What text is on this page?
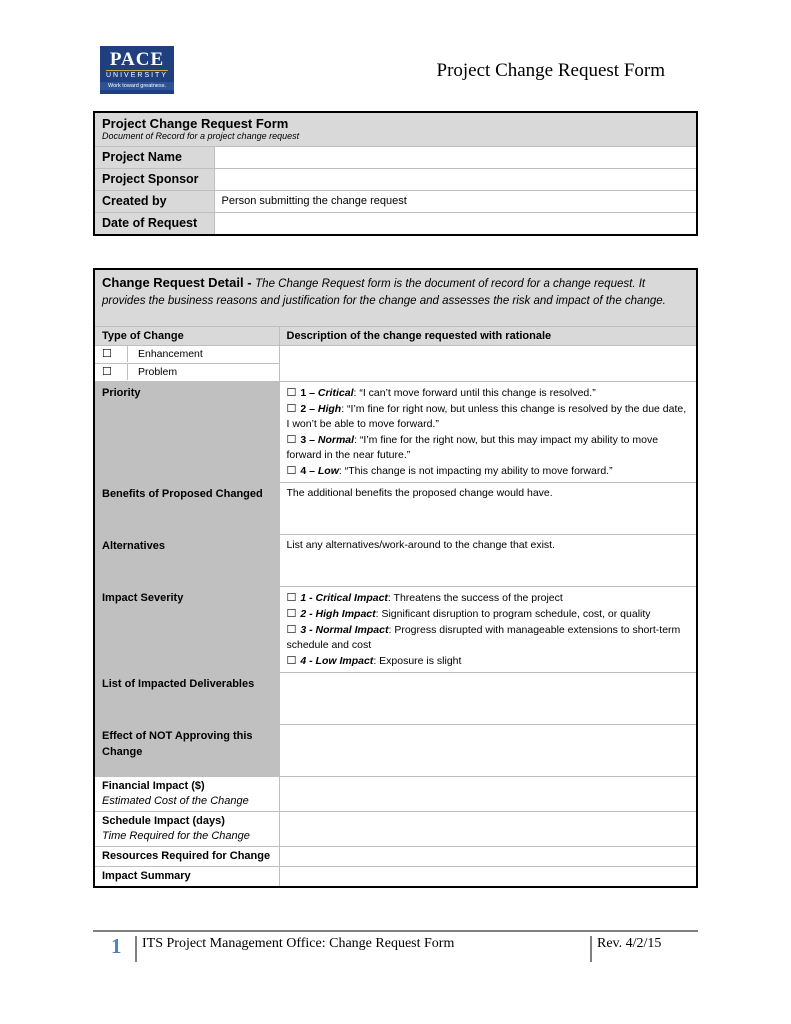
PACE
UNIVERSITY
Work toward greatness.
Project Change Request Form
Project Change Request Form
Document of Record for a project change request	

Project Name	
Project Sponsor	
Created by	Person submitting the change request
Date of Request	
Change Request Detail - The Change Request form is the document of record for a change request. It provides the business reasons and justification for the change and assesses the risk and impact of the change.
Type of Change	Description of the change requested with rationale

☐	Enhancement

☐	Problem

Priority	☐ 1 – Critical: “I can’t move forward until this change is resolved.”
☐ 2 – High: “I’m fine for right now, but unless this change is resolved by the due date, I won’t be able to move forward.”
☐ 3 – Normal: “I’m fine for the right now, but this may impact my ability to move forward in the near future.”
☐ 4 – Low: “This change is not impacting my ability to move forward.”

Benefits of Proposed Changed	The additional benefits the proposed change would have.
Alternatives	List any alternatives/work-around to the change that exist.
Impact Severity	☐ 1 - Critical Impact: Threatens the success of the project
☐ 2 - High Impact: Significant disruption to program schedule, cost, or quality
☐ 3 - Normal Impact: Progress disrupted with manageable extensions to short-term schedule and cost
☐ 4 - Low Impact: Exposure is slight

List of Impacted Deliverables	
Effect of NOT Approving this Change	

Financial Impact ($)
Estimated Cost of the Change	

Schedule Impact (days)
Time Required for the Change	
Resources Required for Change	
Impact Summary	
1	ITS Project Management Office: Change Request Form	Rev. 4/2/15
